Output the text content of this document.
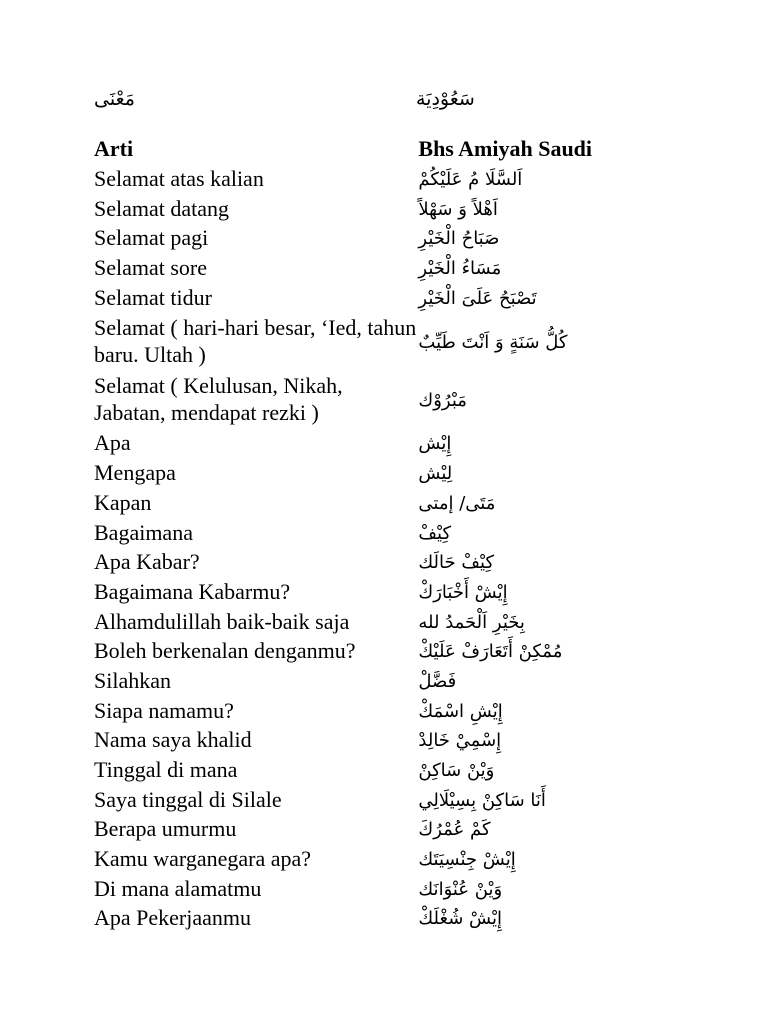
مَعْنَى	سَعُوْدِيَة
Arti	Bhs Amiyah Saudi
Selamat atas kalian	اَلسَّلَا مُ عَلَيْكُمْ
Selamat datang	اَهْلاً وَ سَهْلاً
Selamat pagi	صَبَاحُ الْخَيْرِ
Selamat sore	مَسَاءُ الْخَيْرِ
Selamat tidur	تَصْبَحُ عَلَىَ الْخَيْرِ
Selamat ( hari-hari besar, ‘Ied, tahun baru. Ultah )	كُلُّ سَنَةٍ وَ اَنْتَ طَيِّبٌ
Selamat ( Kelulusan, Nikah, Jabatan, mendapat rezki )	مَبْرُوْك
Apa	إِيْش
Mengapa	لِيْش
Kapan	مَتَى/ إمتى
Bagaimana	كِيْفْ
Apa Kabar?	كِيْفْ حَالَك
Bagaimana Kabarmu?	إِيْشْ أَخْبَارَكْ
Alhamdulillah baik-baik saja	بِخَيْرِ اَلْحَمدُ لله
Boleh berkenalan denganmu?	مُمْكِنْ أَتَعَارَفْ عَلَيْكْ
Silahkan	فَضَّلْ
Siapa namamu?	إِيْشِ اسْمَكْ
Nama saya khalid	إِسْمِيْ خَالِدْ
Tinggal di mana	وَيْنْ سَاكِنْ
Saya tinggal di Silale	أَنَا سَاكِنْ بِسِيْلَالِي
Berapa umurmu	كَمْ عُمْرُكَ
Kamu warganegara apa?	إِيْشْ جِنْسِيَتَك
Di mana alamatmu	وَيْنْ عُنْوَانَك
Apa Pekerjaanmu	إِيْشْ شُغْلَكْ
